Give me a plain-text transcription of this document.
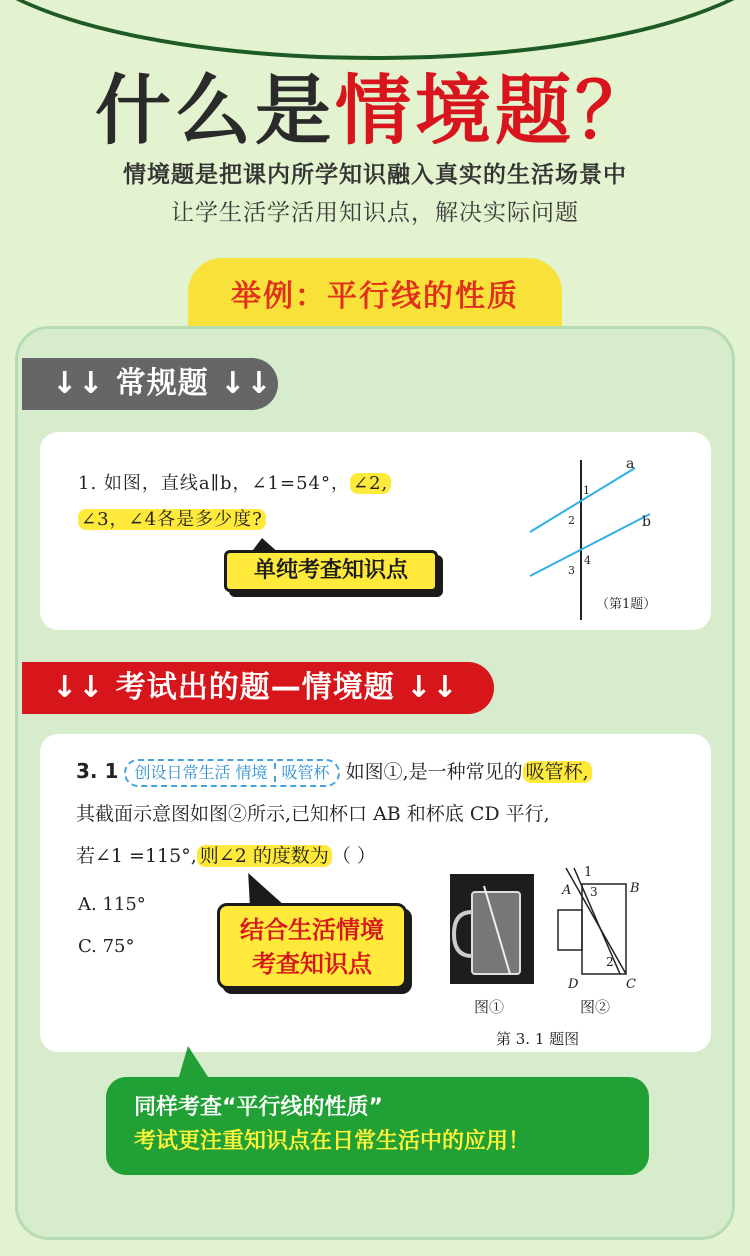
什么是情境题？
情境题是把课内所学知识融入真实的生活场景中
让学生活学活用知识点，解决实际问题
举例：平行线的性质
↓↓ 常规题 ↓↓
1. 如图，直线a∥b，∠1=54°， ∠2,
∠3，∠4各是多少度?
单纯考查知识点
a
b
1
2
3
4
（第1题）
↓↓ 考试出的题—情境题 ↓↓
3. 1 创设日常生活 情境 吸管杯 如图①,是一种常见的 吸管杯,
其截面示意图如图②所示,已知杯口 AB 和杯底 CD 平行,
若∠1 =115°, 则∠2 的度数为 （ ）
A. 115°
C. 75°
结合生活情境
考查知识点
图①
1
A 3 B
2
D	C
图②
第 3. 1 题图
同样考查“平行线的性质”
考试更注重知识点在日常生活中的应用！
